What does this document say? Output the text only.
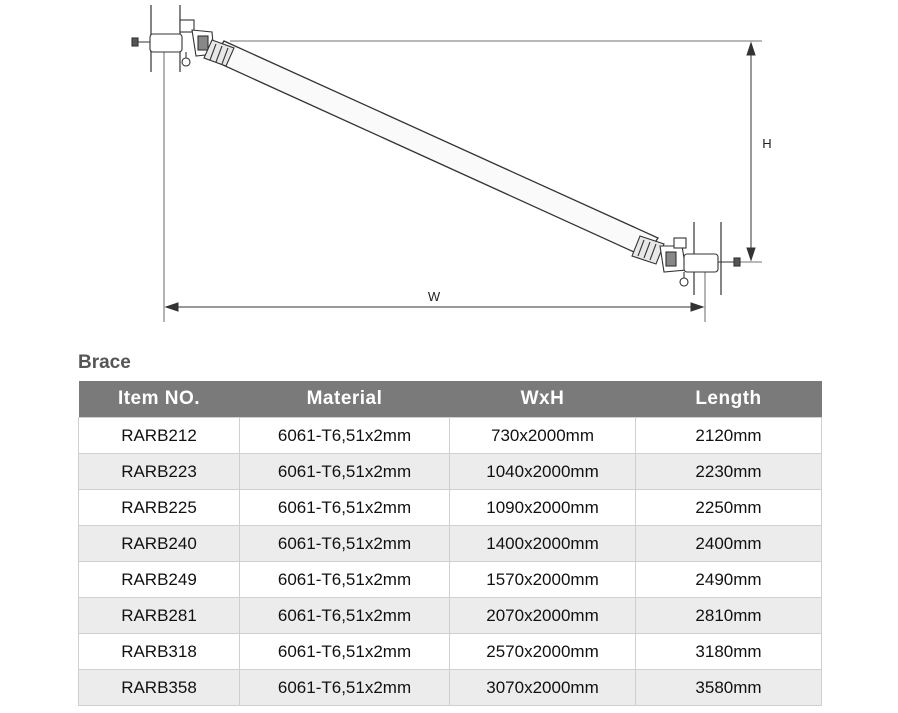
W
H
Brace
Item NO.	Material	WxH	Length
RARB212	6061-T6,51x2mm	730x2000mm	2120mm
RARB223	6061-T6,51x2mm	1040x2000mm	2230mm
RARB225	6061-T6,51x2mm	1090x2000mm	2250mm
RARB240	6061-T6,51x2mm	1400x2000mm	2400mm
RARB249	6061-T6,51x2mm	1570x2000mm	2490mm
RARB281	6061-T6,51x2mm	2070x2000mm	2810mm
RARB318	6061-T6,51x2mm	2570x2000mm	3180mm
RARB358	6061-T6,51x2mm	3070x2000mm	3580mm
